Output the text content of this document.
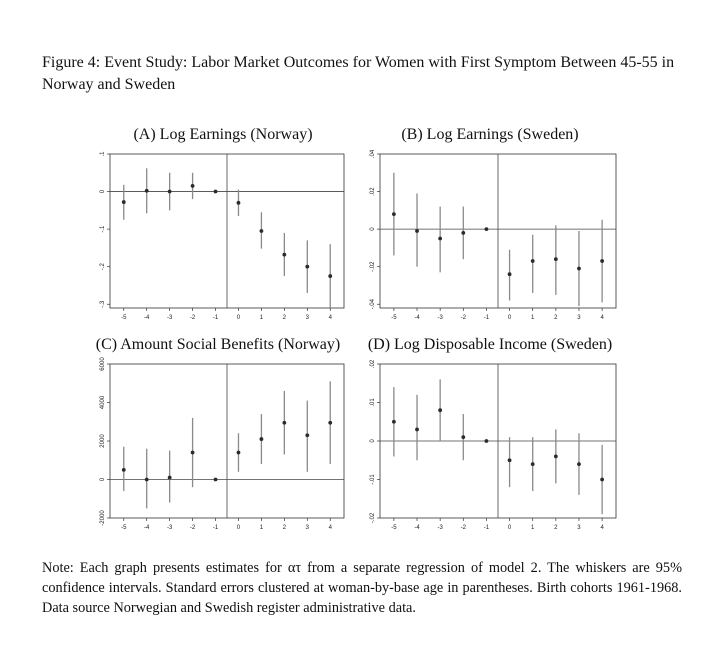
Figure 4: Event Study: Labor Market Outcomes for Women with First Symptom Between 45-55 in Norway and Sweden

(A) Log Earnings (Norway)
.1
0
-.1
-.2
-.3
-5	-4	-3	-2	-1	0	1	2	3	4
(B) Log Earnings (Sweden)
.04
.02
0
-.02
-.04
-5	-4	-3	-2	-1	0	1	2	3	4
(C) Amount Social Benefits (Norway)
6000
4000
2000
0
-2000
-5	-4	-3	-2	-1	0	1	2	3	4
(D) Log Disposable Income (Sweden)
.02
.01
0
-.01
-.02
-5	-4	-3	-2	-1	0	1	2	3	4

Note: Each graph presents estimates for ατ from a separate regression of model 2. The whiskers are 95% confidence intervals. Standard errors clustered at woman-by-base age in parentheses. Birth cohorts 1961-1968. Data source Norwegian and Swedish register administrative data.
